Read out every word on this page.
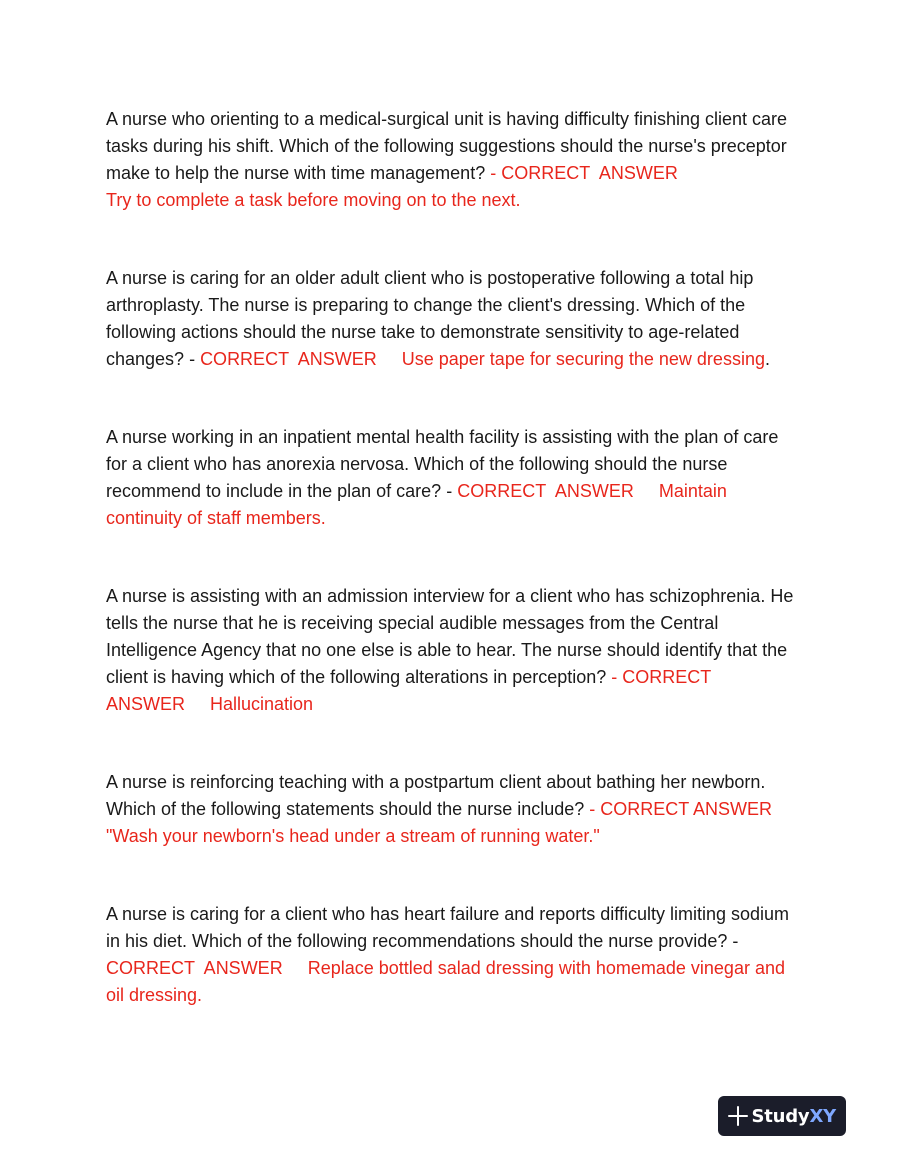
A nurse who orienting to a medical-surgical unit is having difficulty finishing client care tasks during his shift. Which of the following suggestions should the nurse's preceptor make to help the nurse with time management? - CORRECT  ANSWER
Try to complete a task before moving on to the next.

A nurse is caring for an older adult client who is postoperative following a total hip arthroplasty. The nurse is preparing to change the client's dressing. Which of the following actions should the nurse take to demonstrate sensitivity to age-related changes? - CORRECT  ANSWER     Use paper tape for securing the new dressing.

A nurse working in an inpatient mental health facility is assisting with the plan of care for a client who has anorexia nervosa. Which of the following should the nurse recommend to include in the plan of care? - CORRECT  ANSWER     Maintain continuity of staff members.

A nurse is assisting with an admission interview for a client who has schizophrenia. He tells the nurse that he is receiving special audible messages from the Central Intelligence Agency that no one else is able to hear. The nurse should identify that the client is having which of the following alterations in perception? - CORRECT  ANSWER     Hallucination

A nurse is reinforcing teaching with a postpartum client about bathing her newborn. Which of the following statements should the nurse include? - CORRECT ANSWER     "Wash your newborn's head under a stream of running water."

A nurse is caring for a client who has heart failure and reports difficulty limiting sodium in his diet. Which of the following recommendations should the nurse provide? - CORRECT  ANSWER     Replace bottled salad dressing with homemade vinegar and oil dressing.

StudyXY
